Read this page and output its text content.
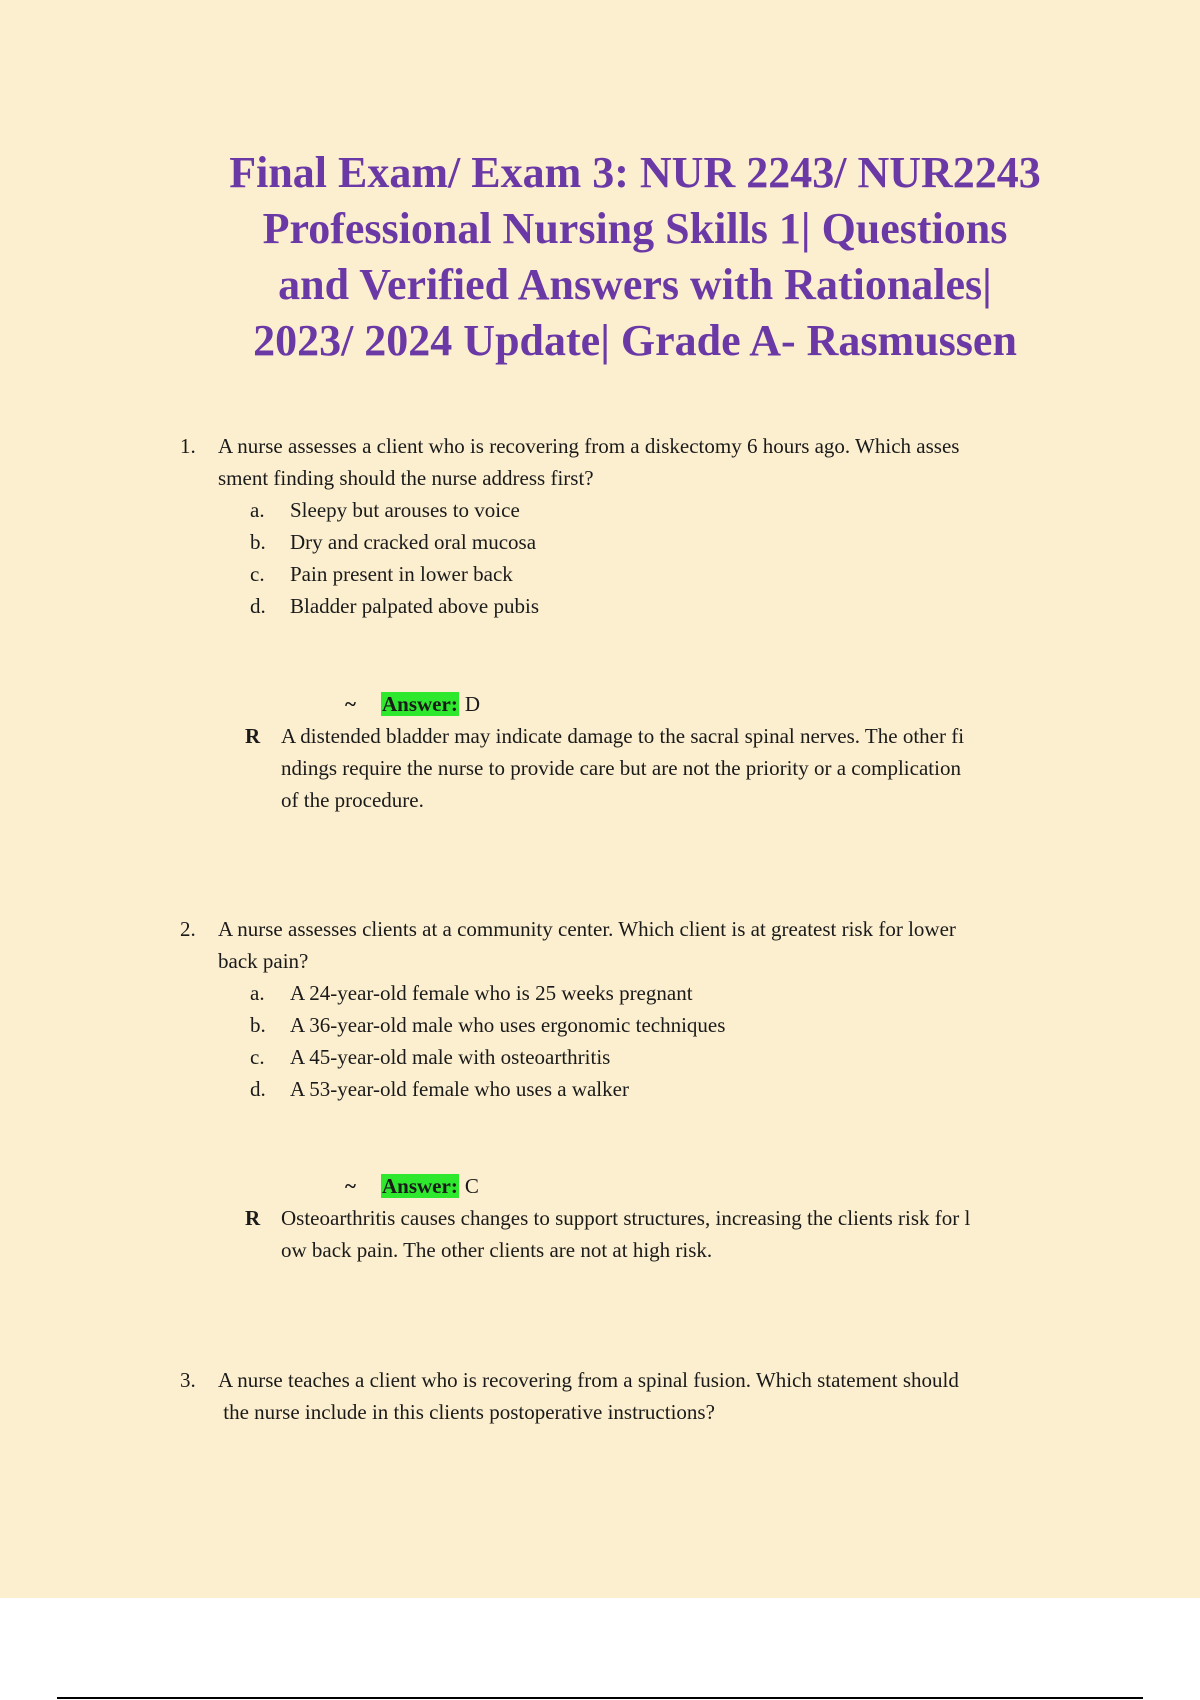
Final Exam/ Exam 3: NUR 2243/ NUR2243
Professional Nursing Skills 1| Questions
and Verified Answers with Rationales|
2023/ 2024 Update| Grade A- Rasmussen
1. A nurse assesses a client who is recovering from a diskectomy 6 hours ago. Which asses
sment finding should the nurse address first?
a. Sleepy but arouses to voice
b. Dry and cracked oral mucosa
c. Pain present in lower back
d. Bladder palpated above pubis
~ Answer: D
R A distended bladder may indicate damage to the sacral spinal nerves. The other fi
ndings require the nurse to provide care but are not the priority or a complication
of the procedure.
2. A nurse assesses clients at a community center. Which client is at greatest risk for lower
back pain?
a. A 24-year-old female who is 25 weeks pregnant
b. A 36-year-old male who uses ergonomic techniques
c. A 45-year-old male with osteoarthritis
d. A 53-year-old female who uses a walker
~ Answer: C
R Osteoarthritis causes changes to support structures, increasing the clients risk for l
ow back pain. The other clients are not at high risk.
3. A nurse teaches a client who is recovering from a spinal fusion. Which statement should
the nurse include in this clients postoperative instructions?
